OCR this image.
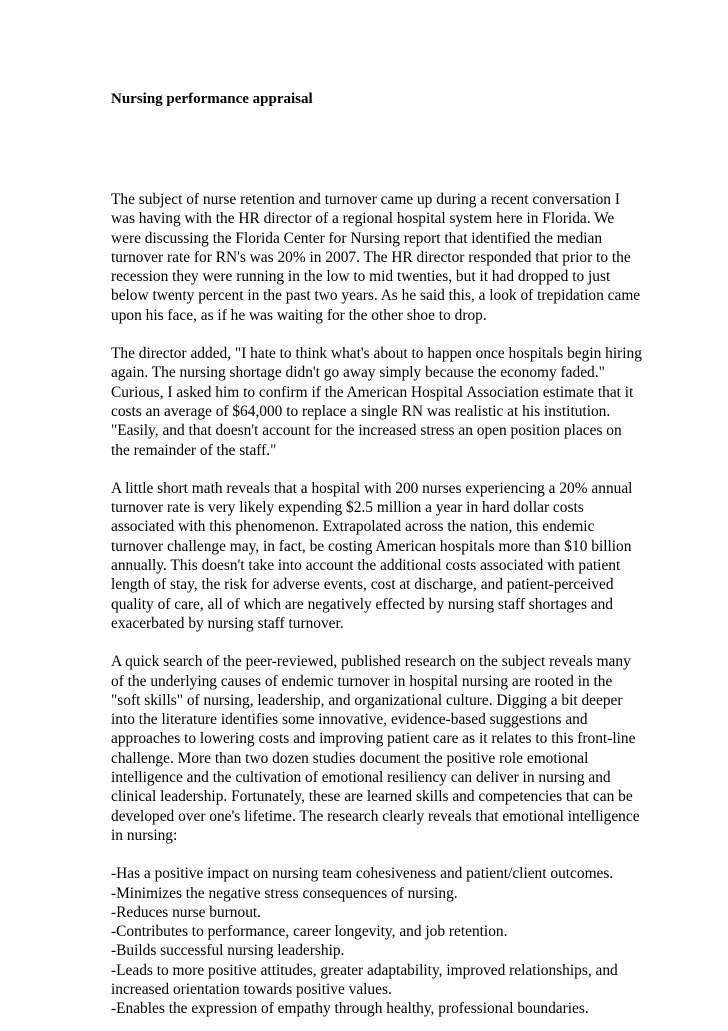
Nursing performance appraisal

The subject of nurse retention and turnover came up during a recent conversation I
was having with the HR director of a regional hospital system here in Florida. We
were discussing the Florida Center for Nursing report that identified the median
turnover rate for RN's was 20% in 2007. The HR director responded that prior to the
recession they were running in the low to mid twenties, but it had dropped to just
below twenty percent in the past two years. As he said this, a look of trepidation came
upon his face, as if he was waiting for the other shoe to drop.

The director added, "I hate to think what's about to happen once hospitals begin hiring
again. The nursing shortage didn't go away simply because the economy faded."
Curious, I asked him to confirm if the American Hospital Association estimate that it
costs an average of $64,000 to replace a single RN was realistic at his institution.
"Easily, and that doesn't account for the increased stress an open position places on
the remainder of the staff."

A little short math reveals that a hospital with 200 nurses experiencing a 20% annual
turnover rate is very likely expending $2.5 million a year in hard dollar costs
associated with this phenomenon. Extrapolated across the nation, this endemic
turnover challenge may, in fact, be costing American hospitals more than $10 billion
annually. This doesn't take into account the additional costs associated with patient
length of stay, the risk for adverse events, cost at discharge, and patient-perceived
quality of care, all of which are negatively effected by nursing staff shortages and
exacerbated by nursing staff turnover.

A quick search of the peer-reviewed, published research on the subject reveals many
of the underlying causes of endemic turnover in hospital nursing are rooted in the
"soft skills" of nursing, leadership, and organizational culture. Digging a bit deeper
into the literature identifies some innovative, evidence-based suggestions and
approaches to lowering costs and improving patient care as it relates to this front-line
challenge. More than two dozen studies document the positive role emotional
intelligence and the cultivation of emotional resiliency can deliver in nursing and
clinical leadership. Fortunately, these are learned skills and competencies that can be
developed over one's lifetime. The research clearly reveals that emotional intelligence
in nursing:

-Has a positive impact on nursing team cohesiveness and patient/client outcomes.
-Minimizes the negative stress consequences of nursing.
-Reduces nurse burnout.
-Contributes to performance, career longevity, and job retention.
-Builds successful nursing leadership.
-Leads to more positive attitudes, greater adaptability, improved relationships, and
increased orientation towards positive values.
-Enables the expression of empathy through healthy, professional boundaries.
